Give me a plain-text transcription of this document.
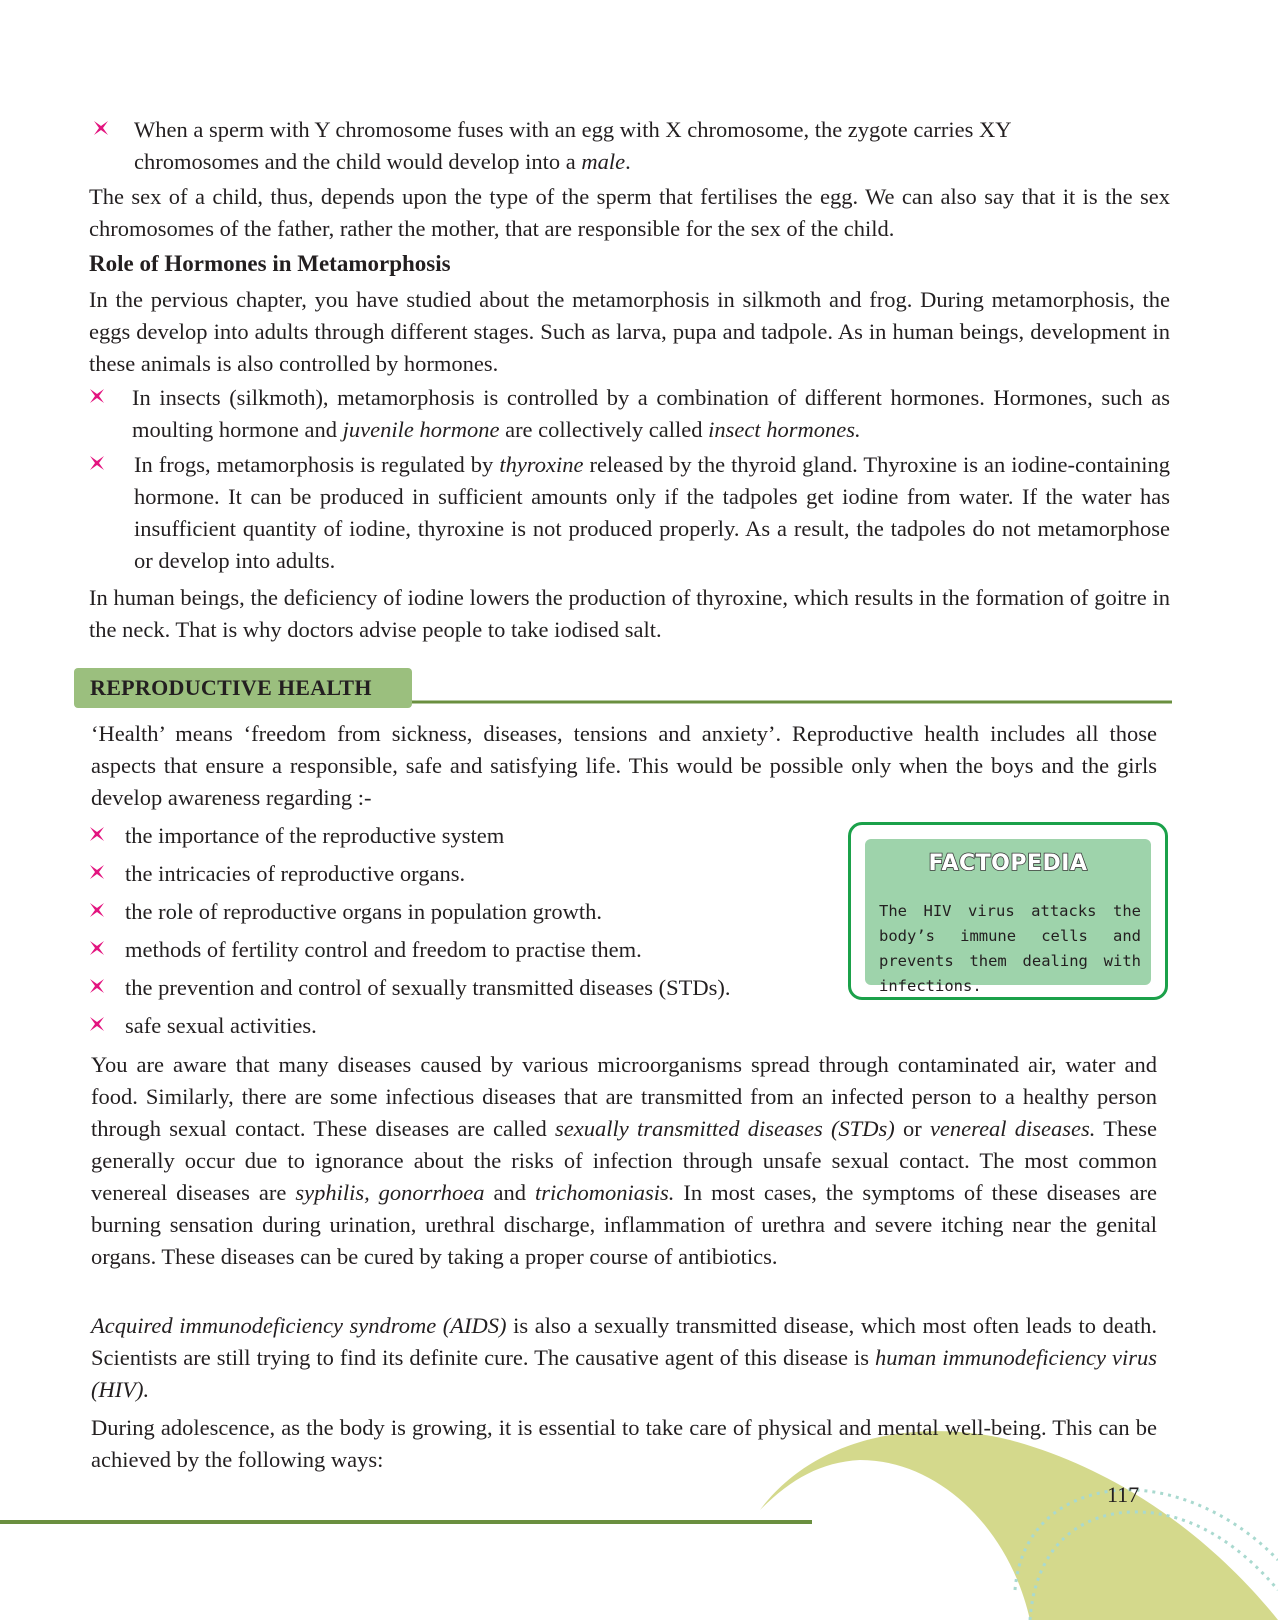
When a sperm with Y chromosome fuses with an egg with X chromosome, the zygote carries XY
chromosomes and the child would develop into a male.

The sex of a child, thus, depends upon the type of the sperm that fertilises the egg. We can also say that it is the sex chromosomes of the father, rather the mother, that are responsible for the sex of the child.

Role of Hormones in Metamorphosis

In the pervious chapter, you have studied about the metamorphosis in silkmoth and frog. During metamorphosis, the eggs develop into adults through different stages. Such as larva, pupa and tadpole. As in human beings, development in these animals is also controlled by hormones.

In insects (silkmoth), metamorphosis is controlled by a combination of different hormones. Hormones, such as moulting hormone and juvenile hormone are collectively called insect hormones.
In frogs, metamorphosis is regulated by thyroxine released by the thyroid gland. Thyroxine is an iodine-containing hormone. It can be produced in sufficient amounts only if the tadpoles get iodine from water. If the water has insufficient quantity of iodine, thyroxine is not produced properly. As a result, the tadpoles do not metamorphose or develop into adults.

In human beings, the deficiency of iodine lowers the production of thyroxine, which results in the formation of goitre in the neck. That is why doctors advise people to take iodised salt.

REPRODUCTIVE HEALTH

‘Health’ means ‘freedom from sickness, diseases, tensions and anxiety’. Reproductive health includes all those aspects that ensure a responsible, safe and satisfying life. This would be possible only when the boys and the girls develop awareness regarding :-

the importance of the reproductive system
the intricacies of reproductive organs.
the role of reproductive organs in population growth.
methods of fertility control and freedom to practise them.
the prevention and control of sexually transmitted diseases (STDs).
safe sexual activities.

FACTOPEDIA

The HIV virus attacks the body’s immune cells and prevents them dealing with infections.

You are aware that many diseases caused by various microorganisms spread through contaminated air, water and food. Similarly, there are some infectious diseases that are transmitted from an infected person to a healthy person through sexual contact. These diseases are called sexually transmitted diseases (STDs) or venereal diseases. These generally occur due to ignorance about the risks of infection through unsafe sexual contact. The most common venereal diseases are syphilis, gonorrhoea and trichomoniasis. In most cases, the symptoms of these diseases are burning sensation during urination, urethral discharge, inflammation of urethra and severe itching near the genital organs. These diseases can be cured by taking a proper course of antibiotics.

Acquired immunodeficiency syndrome (AIDS) is also a sexually transmitted disease, which most often leads to death. Scientists are still trying to find its definite cure. The causative agent of this disease is human immunodeficiency virus (HIV).

During adolescence, as the body is growing, it is essential to take care of physical and mental well-being. This can be achieved by the following ways:

117
